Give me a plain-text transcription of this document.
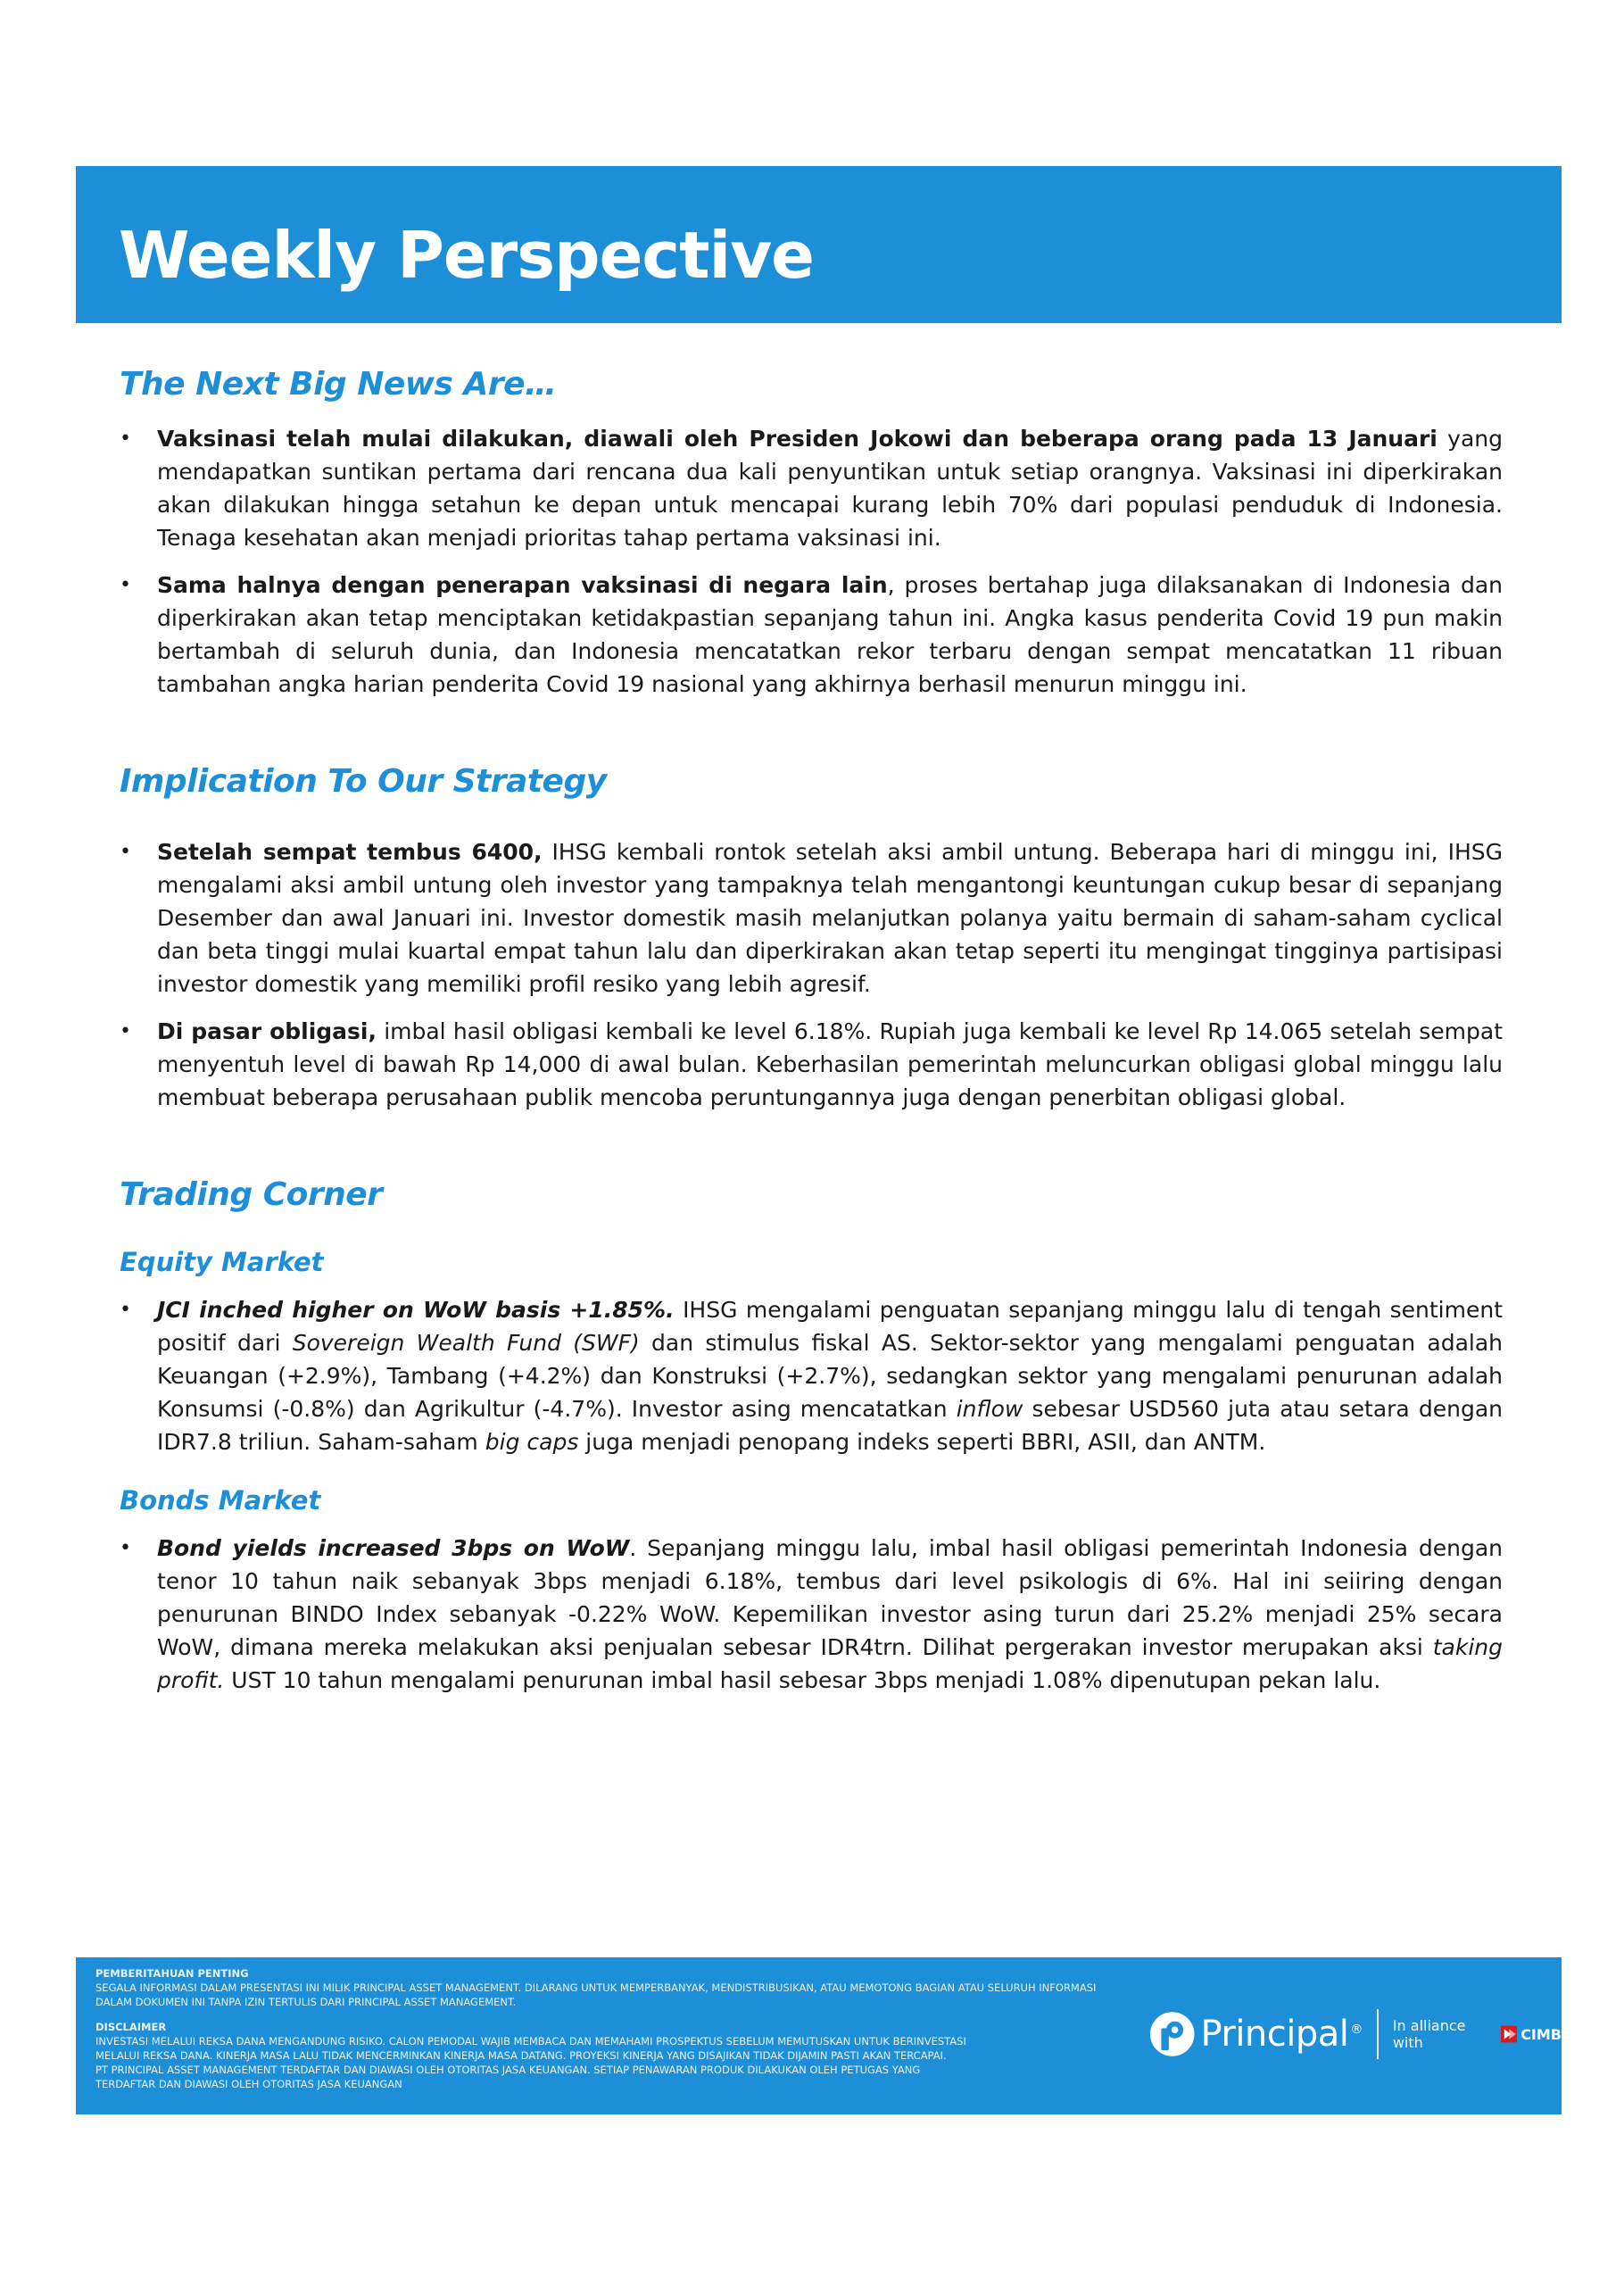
Weekly Perspective
The Next Big News Are…
• Vaksinasi telah mulai dilakukan, diawali oleh Presiden Jokowi dan beberapa orang pada 13 Januari yang mendapatkan suntikan pertama dari rencana dua kali penyuntikan untuk setiap orangnya. Vaksinasi ini diperkirakan akan dilakukan hingga setahun ke depan untuk mencapai kurang lebih 70% dari populasi penduduk di Indonesia. Tenaga kesehatan akan menjadi prioritas tahap pertama vaksinasi ini.
• Sama halnya dengan penerapan vaksinasi di negara lain, proses bertahap juga dilaksanakan di Indonesia dan diperkirakan akan tetap menciptakan ketidakpastian sepanjang tahun ini. Angka kasus penderita Covid 19 pun makin bertambah di seluruh dunia, dan Indonesia mencatatkan rekor terbaru dengan sempat mencatatkan 11 ribuan tambahan angka harian penderita Covid 19 nasional yang akhirnya berhasil menurun minggu ini.
Implication To Our Strategy
• Setelah sempat tembus 6400, IHSG kembali rontok setelah aksi ambil untung. Beberapa hari di minggu ini, IHSG mengalami aksi ambil untung oleh investor yang tampaknya telah mengantongi keuntungan cukup besar di sepanjang Desember dan awal Januari ini. Investor domestik masih melanjutkan polanya yaitu bermain di saham-saham cyclical dan beta tinggi mulai kuartal empat tahun lalu dan diperkirakan akan tetap seperti itu mengingat tingginya partisipasi investor domestik yang memiliki profil resiko yang lebih agresif.
• Di pasar obligasi, imbal hasil obligasi kembali ke level 6.18%. Rupiah juga kembali ke level Rp 14.065 setelah sempat menyentuh level di bawah Rp 14,000 di awal bulan. Keberhasilan pemerintah meluncurkan obligasi global minggu lalu membuat beberapa perusahaan publik mencoba peruntungannya juga dengan penerbitan obligasi global.
Trading Corner
Equity Market
• JCI inched higher on WoW basis +1.85%. IHSG mengalami penguatan sepanjang minggu lalu di tengah sentiment positif dari Sovereign Wealth Fund (SWF) dan stimulus fiskal AS. Sektor-sektor yang mengalami penguatan adalah Keuangan (+2.9%), Tambang (+4.2%) dan Konstruksi (+2.7%), sedangkan sektor yang mengalami penurunan adalah Konsumsi (-0.8%) dan Agrikultur (-4.7%). Investor asing mencatatkan inflow sebesar USD560 juta atau setara dengan IDR7.8 triliun. Saham-saham big caps juga menjadi penopang indeks seperti BBRI, ASII, dan ANTM.
Bonds Market
• Bond yields increased 3bps on WoW. Sepanjang minggu lalu, imbal hasil obligasi pemerintah Indonesia dengan tenor 10 tahun naik sebanyak 3bps menjadi 6.18%, tembus dari level psikologis di 6%. Hal ini seiiring dengan penurunan BINDO Index sebanyak -0.22% WoW. Kepemilikan investor asing turun dari 25.2% menjadi 25% secara WoW, dimana mereka melakukan aksi penjualan sebesar IDR4trn. Dilihat pergerakan investor merupakan aksi taking profit. UST 10 tahun mengalami penurunan imbal hasil sebesar 3bps menjadi 1.08% dipenutupan pekan lalu.
PEMBERITAHUAN PENTING
SEGALA INFORMASI DALAM PRESENTASI INI MILIK PRINCIPAL ASSET MANAGEMENT. DILARANG UNTUK MEMPERBANYAK, MENDISTRIBUSIKAN, ATAU MEMOTONG BAGIAN ATAU SELURUH INFORMASI
DALAM DOKUMEN INI TANPA IZIN TERTULIS DARI PRINCIPAL ASSET MANAGEMENT.
DISCLAIMER
INVESTASI MELALUI REKSA DANA MENGANDUNG RISIKO. CALON PEMODAL WAJIB MEMBACA DAN MEMAHAMI PROSPEKTUS SEBELUM MEMUTUSKAN UNTUK BERINVESTASI
MELALUI REKSA DANA. KINERJA MASA LALU TIDAK MENCERMINKAN KINERJA MASA DATANG. PROYEKSI KINERJA YANG DISAJIKAN TIDAK DIJAMIN PASTI AKAN TERCAPAI.
PT PRINCIPAL ASSET MANAGEMENT TERDAFTAR DAN DIAWASI OLEH OTORITAS JASA KEUANGAN. SETIAP PENAWARAN PRODUK DILAKUKAN OLEH PETUGAS YANG
TERDAFTAR DAN DIAWASI OLEH OTORITAS JASA KEUANGAN
Principal ® In alliance with	CIMB
